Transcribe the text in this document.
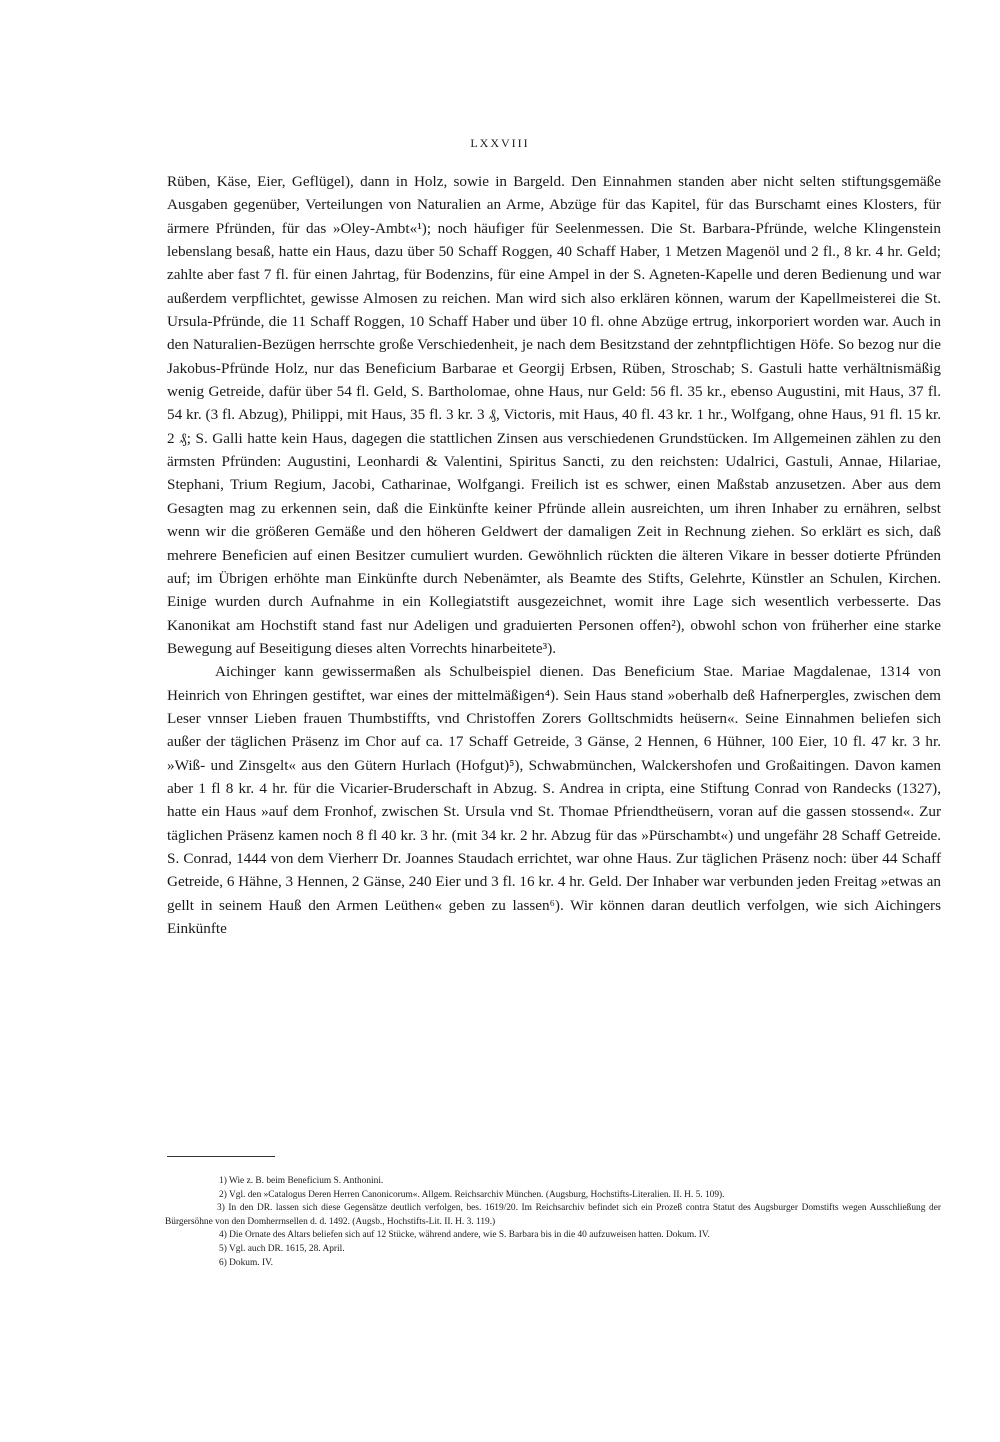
LXXVIII

Rüben, Käse, Eier, Geflügel), dann in Holz, sowie in Bargeld. Den Einnahmen standen aber nicht selten stiftungsgemäße Ausgaben gegenüber, Verteilungen von Naturalien an Arme, Abzüge für das Kapitel, für das Burschamt eines Klosters, für ärmere Pfründen, für das »Oley-Ambt«¹); noch häufiger für Seelenmessen. Die St. Barbara-Pfründe, welche Klingenstein lebenslang besaß, hatte ein Haus, dazu über 50 Schaff Roggen, 40 Schaff Haber, 1 Metzen Magenöl und 2 fl., 8 kr. 4 hr. Geld; zahlte aber fast 7 fl. für einen Jahrtag, für Bodenzins, für eine Ampel in der S. Agneten-Kapelle und deren Bedienung und war außerdem verpflichtet, gewisse Almosen zu reichen. Man wird sich also erklären können, warum der Kapellmeisterei die St. Ursula-Pfründe, die 11 Schaff Roggen, 10 Schaff Haber und über 10 fl. ohne Abzüge ertrug, inkorporiert worden war. Auch in den Naturalien-Bezügen herrschte große Verschiedenheit, je nach dem Besitzstand der zehntpflichtigen Höfe. So bezog nur die Jakobus-Pfründe Holz, nur das Beneficium Barbarae et Georgij Erbsen, Rüben, Stroschab; S. Gastuli hatte verhältnismäßig wenig Getreide, dafür über 54 fl. Geld, S. Bartholomae, ohne Haus, nur Geld: 56 fl. 35 kr., ebenso Augustini, mit Haus, 37 fl. 54 kr. (3 fl. Abzug), Philippi, mit Haus, 35 fl. 3 kr. 3 ₰, Victoris, mit Haus, 40 fl. 43 kr. 1 hr., Wolfgang, ohne Haus, 91 fl. 15 kr. 2 ₰; S. Galli hatte kein Haus, dagegen die stattlichen Zinsen aus verschiedenen Grundstücken. Im Allgemeinen zählen zu den ärmsten Pfründen: Augustini, Leonhardi & Valentini, Spiritus Sancti, zu den reichsten: Udalrici, Gastuli, Annae, Hilariae, Stephani, Trium Regium, Jacobi, Catharinae, Wolfgangi. Freilich ist es schwer, einen Maßstab anzusetzen. Aber aus dem Gesagten mag zu erkennen sein, daß die Einkünfte keiner Pfründe allein ausreichten, um ihren Inhaber zu ernähren, selbst wenn wir die größeren Gemäße und den höheren Geldwert der damaligen Zeit in Rechnung ziehen. So erklärt es sich, daß mehrere Beneficien auf einen Besitzer cumuliert wurden. Gewöhnlich rückten die älteren Vikare in besser dotierte Pfründen auf; im Übrigen erhöhte man Einkünfte durch Nebenämter, als Beamte des Stifts, Gelehrte, Künstler an Schulen, Kirchen. Einige wurden durch Aufnahme in ein Kollegiatstift ausgezeichnet, womit ihre Lage sich wesentlich verbesserte. Das Kanonikat am Hochstift stand fast nur Adeligen und graduierten Personen offen²), obwohl schon von früherher eine starke Bewegung auf Beseitigung dieses alten Vorrechts hinarbeitete³).

Aichinger kann gewissermaßen als Schulbeispiel dienen. Das Beneficium Stae. Mariae Magdalenae, 1314 von Heinrich von Ehringen gestiftet, war eines der mittelmäßigen⁴). Sein Haus stand »oberhalb deß Hafnerpergles, zwischen dem Leser vnnser Lieben frauen Thumbstiffts, vnd Christoffen Zorers Golltschmidts heüsern«. Seine Einnahmen beliefen sich außer der täglichen Präsenz im Chor auf ca. 17 Schaff Getreide, 3 Gänse, 2 Hennen, 6 Hühner, 100 Eier, 10 fl. 47 kr. 3 hr. »Wiß- und Zinsgelt« aus den Gütern Hurlach (Hofgut)⁵), Schwabmünchen, Walckershofen und Großaitingen. Davon kamen aber 1 fl 8 kr. 4 hr. für die Vicarier-Bruderschaft in Abzug. S. Andrea in cripta, eine Stiftung Conrad von Randecks (1327), hatte ein Haus »auf dem Fronhof, zwischen St. Ursula vnd St. Thomae Pfriendtheüsern, voran auf die gassen stossend«. Zur täglichen Präsenz kamen noch 8 fl 40 kr. 3 hr. (mit 34 kr. 2 hr. Abzug für das »Pürschambt«) und ungefähr 28 Schaff Getreide. S. Conrad, 1444 von dem Vierherr Dr. Joannes Staudach errichtet, war ohne Haus. Zur täglichen Präsenz noch: über 44 Schaff Getreide, 6 Hähne, 3 Hennen, 2 Gänse, 240 Eier und 3 fl. 16 kr. 4 hr. Geld. Der Inhaber war verbunden jeden Freitag »etwas an gellt in seinem Hauß den Armen Leüthen« geben zu lassen⁶). Wir können daran deutlich verfolgen, wie sich Aichingers Einkünfte

1) Wie z. B. beim Beneficium S. Anthonini.
2) Vgl. den »Catalogus Deren Herren Canonicorum«. Allgem. Reichsarchiv München. (Augsburg, Hochstifts-Literalien. II. H. 5. 109).
3) In den DR. lassen sich diese Gegensätze deutlich verfolgen, bes. 1619/20. Im Reichsarchiv befindet sich ein Prozeß contra Statut des Augsburger Domstifts wegen Ausschließung der Bürgersöhne von den Domherrnsellen d. d. 1492. (Augsb., Hochstifts-Lit. II. H. 3. 119.)
4) Die Ornate des Altars beliefen sich auf 12 Stücke, während andere, wie S. Barbara bis in die 40 aufzuweisen hatten. Dokum. IV.
5) Vgl. auch DR. 1615, 28. April.
6) Dokum. IV.
